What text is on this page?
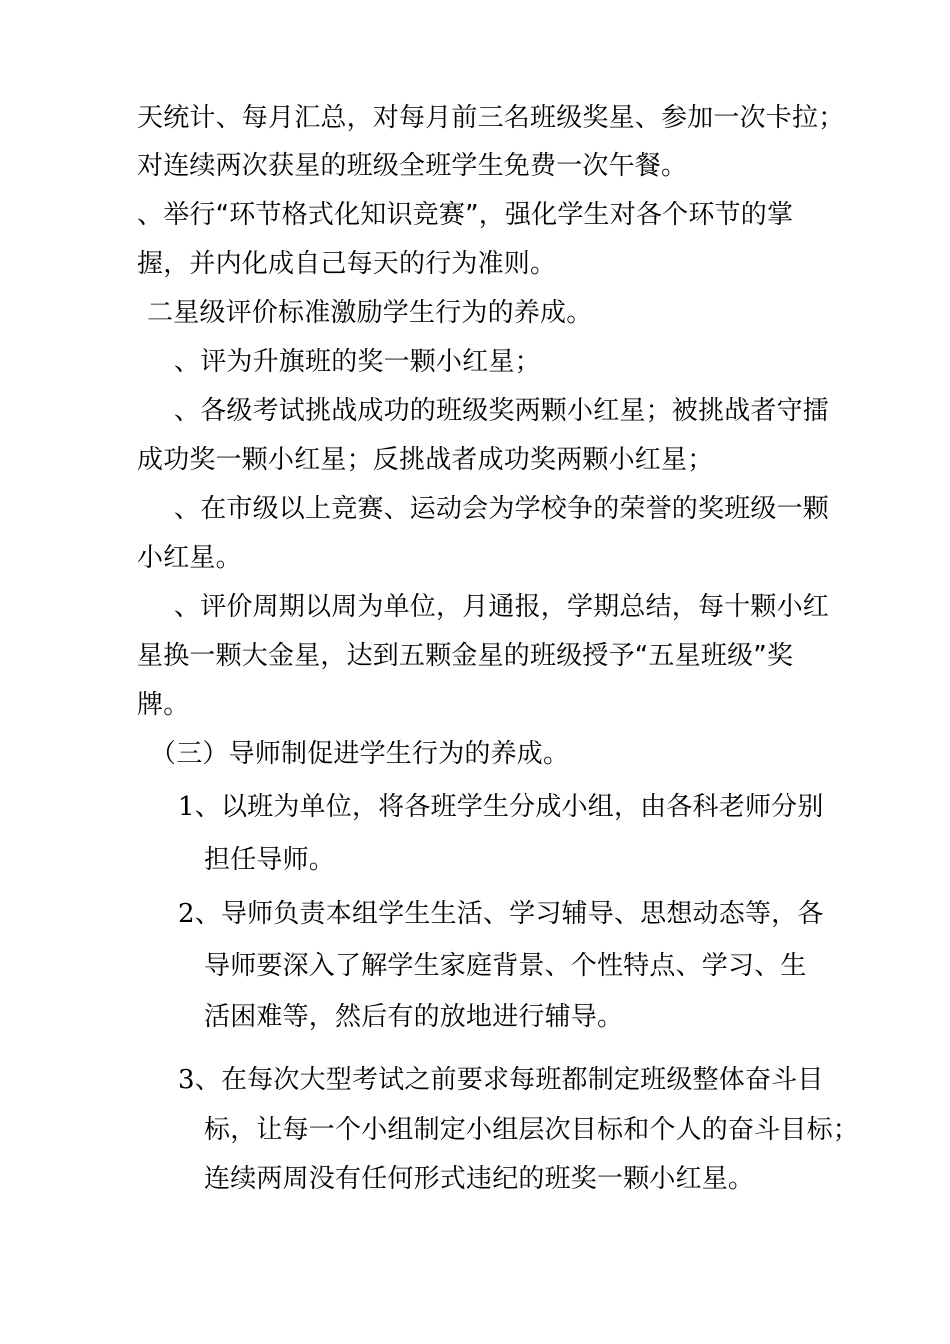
天统计、每月汇总，对每月前三名班级奖星、参加一次卡拉；

对连续两次获星的班级全班学生免费一次午餐。

、举行“环节格式化知识竞赛”，强化学生对各个环节的掌

握，并内化成自己每天的行为准则。

二星级评价标准激励学生行为的养成。

、评为升旗班的奖一颗小红星；

、各级考试挑战成功的班级奖两颗小红星；被挑战者守擂

成功奖一颗小红星；反挑战者成功奖两颗小红星；

、在市级以上竞赛、运动会为学校争的荣誉的奖班级一颗

小红星。

、评价周期以周为单位，月通报，学期总结，每十颗小红

星换一颗大金星，达到五颗金星的班级授予“五星班级”奖

牌。

（三）导师制促进学生行为的养成。

1、以班为单位，将各班学生分成小组，由各科老师分别

担任导师。

2、导师负责本组学生生活、学习辅导、思想动态等，各

导师要深入了解学生家庭背景、个性特点、学习、生

活困难等，然后有的放地进行辅导。

3、在每次大型考试之前要求每班都制定班级整体奋斗目

标，让每一个小组制定小组层次目标和个人的奋斗目标；

连续两周没有任何形式违纪的班奖一颗小红星。
